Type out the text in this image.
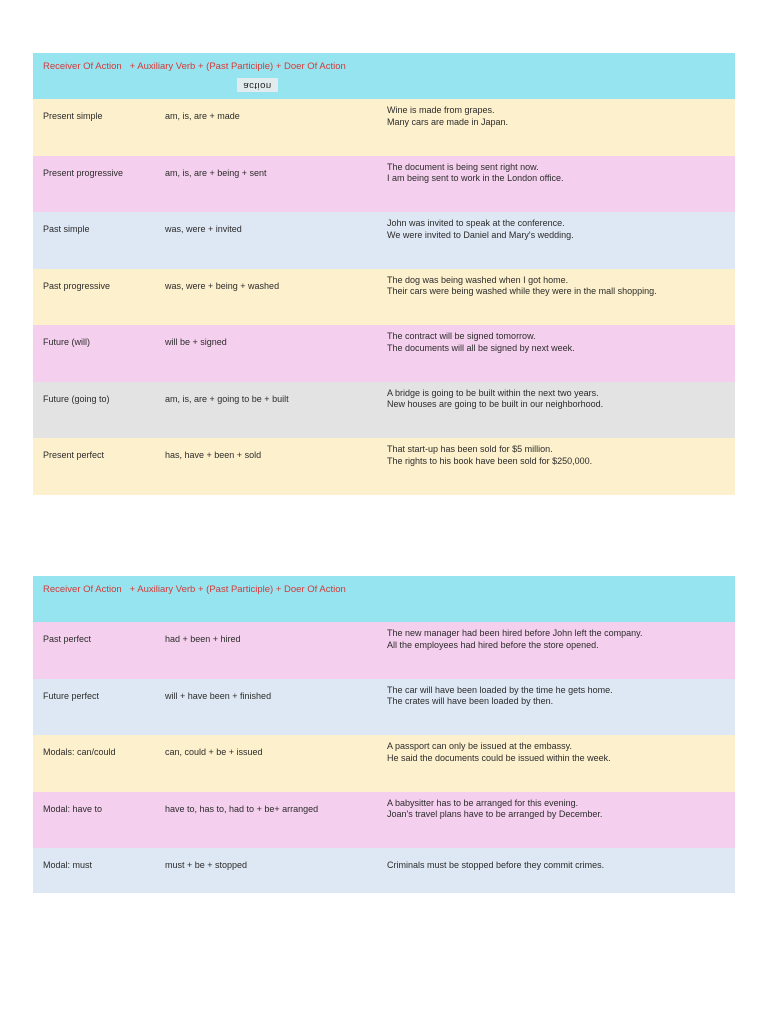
Receiver Of Action   + Auxiliary Verb + (Past Participle) + Doer Of Action
action
Present simple	am, is, are + made
Wine is made from grapes.
Many cars are made in Japan.
Present progressive	am, is, are + being + sent
The document is being sent right now.
I am being sent to work in the London office.
Past simple	was, were + invited
John was invited to speak at the conference.
We were invited to Daniel and Mary's wedding.
Past progressive	was, were + being + washed
The dog was being washed when I got home.
Their cars were being washed while they were in the mall shopping.
Future (will)	will be + signed
The contract will be signed tomorrow.
The documents will all be signed by next week.
Future (going to)	am, is, are + going to be + built
A bridge is going to be built within the next two years.
New houses are going to be built in our neighborhood.
Present perfect	has, have + been + sold
That start-up has been sold for $5 million.
The rights to his book have been sold for $250,000.
Receiver Of Action   + Auxiliary Verb + (Past Participle) + Doer Of Action
Past perfect	had + been + hired
The new manager had been hired before John left the company.
All the employees had hired before the store opened.
Future perfect	will + have been + finished
The car will have been loaded by the time he gets home.
The crates will have been loaded by then.
Modals: can/could	can, could + be + issued
A passport can only be issued at the embassy.
He said the documents could be issued within the week.
Modal: have to	have to, has to, had to + be+ arranged
A babysitter has to be arranged for this evening.
Joan's travel plans have to be arranged by December.
Modal: must	must + be + stopped	Criminals must be stopped before they commit crimes.
